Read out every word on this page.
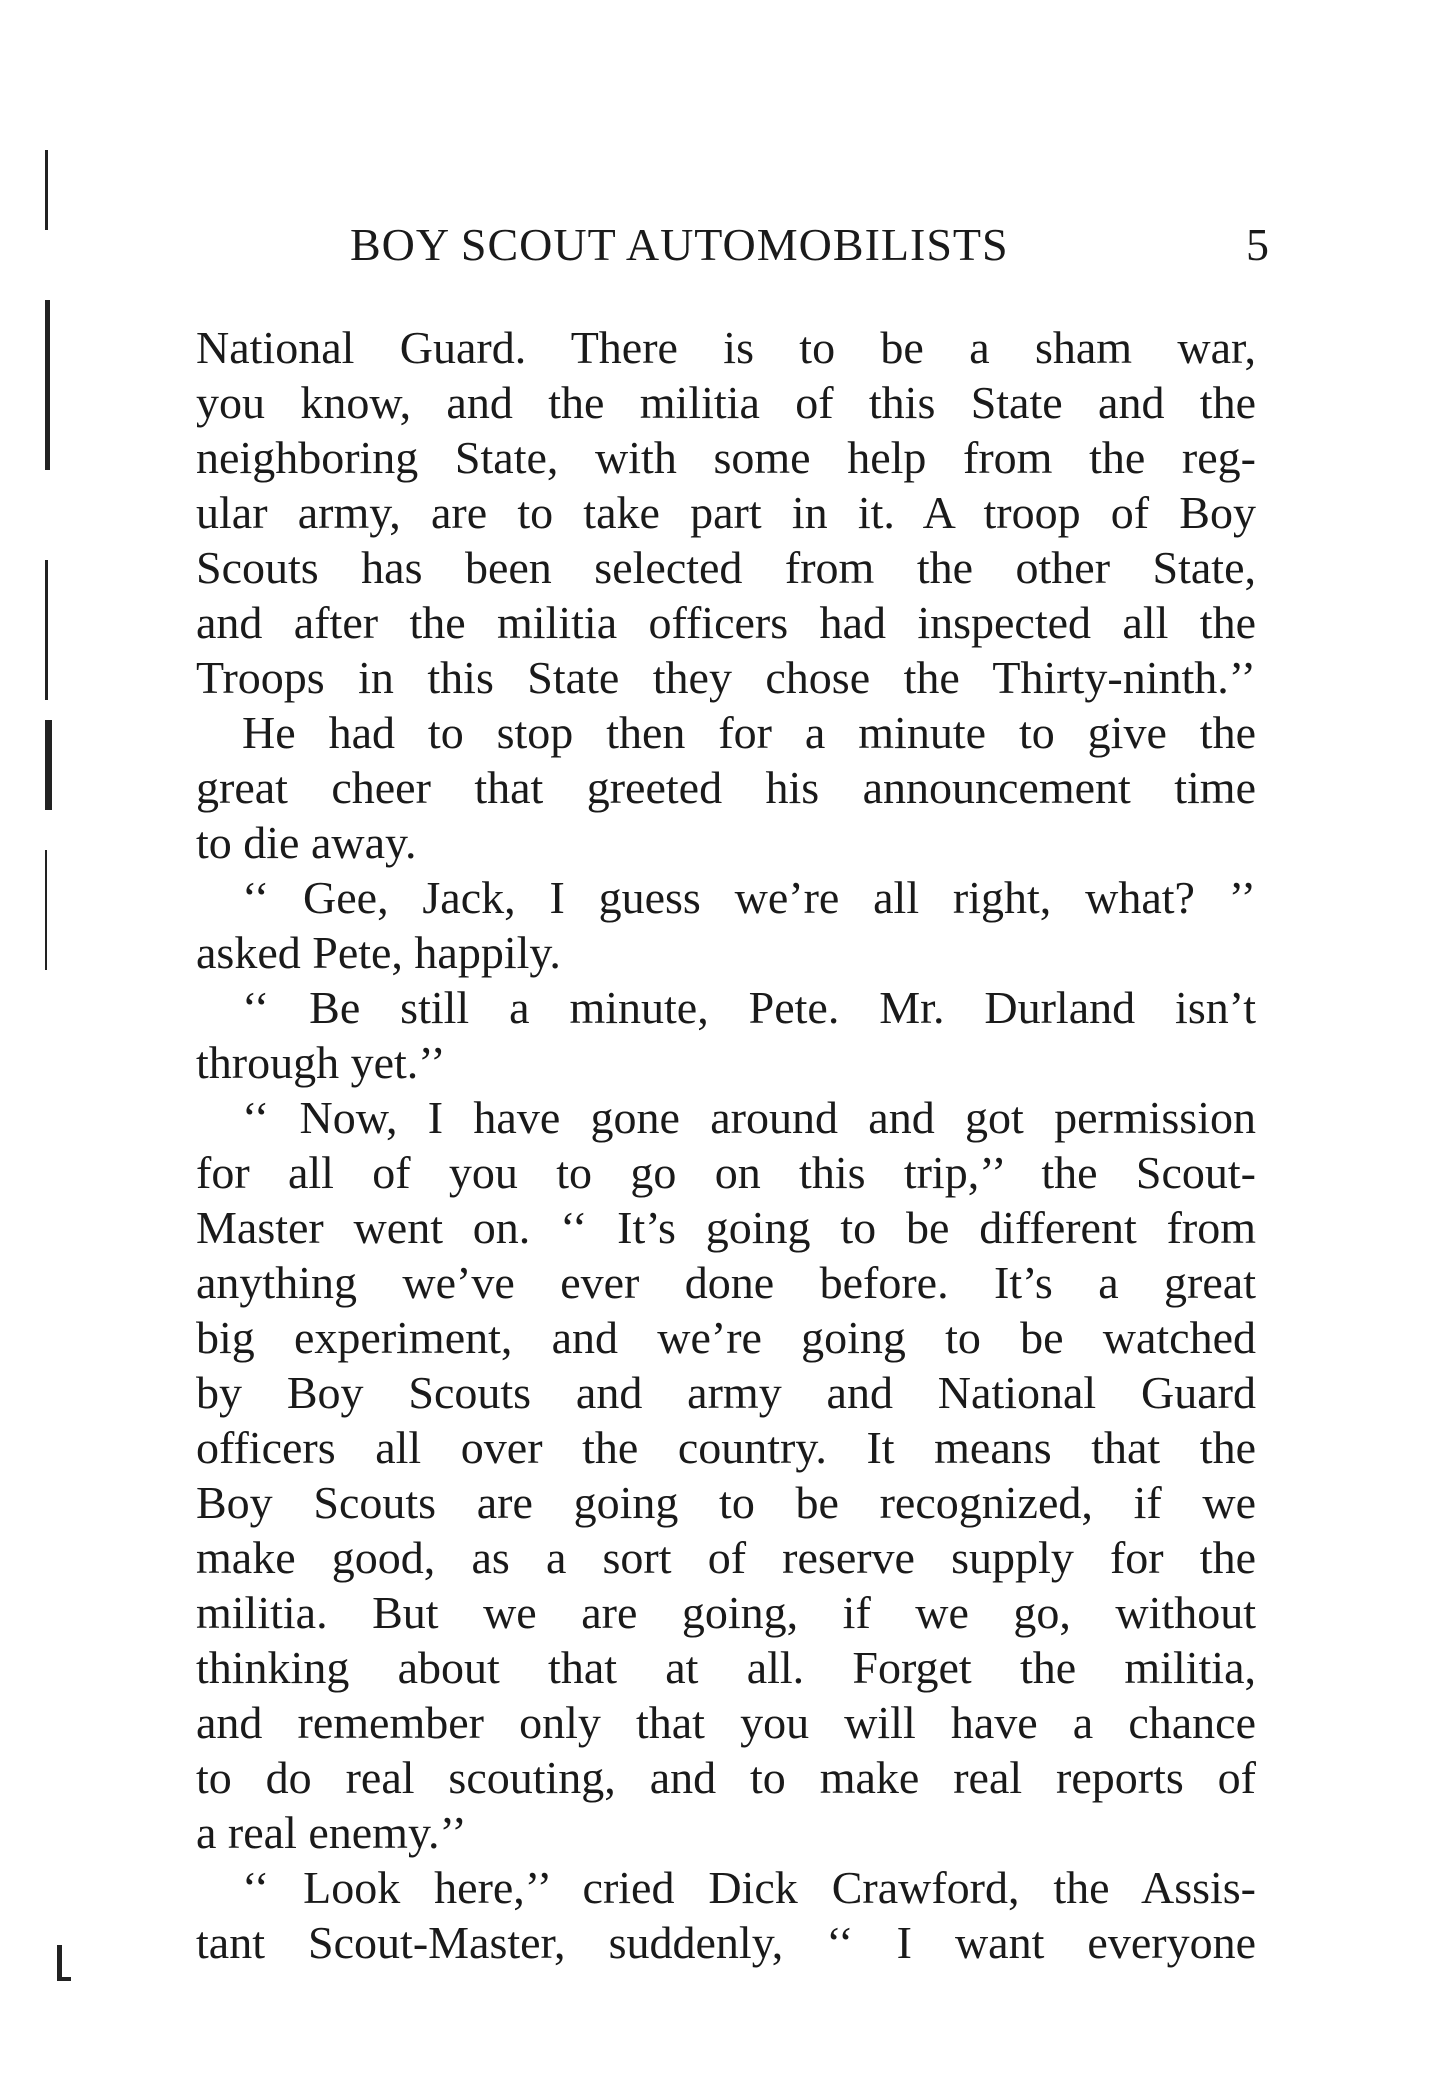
BOY SCOUT AUTOMOBILISTS	5
National Guard. There is to be a sham war,
you know, and the militia of this State and the
neighboring State, with some help from the reg-
ular army, are to take part in it. A troop of Boy
Scouts has been selected from the other State,
and after the militia officers had inspected all the
Troops in this State they chose the Thirty-ninth.’’
He had to stop then for a minute to give the
great cheer that greeted his announcement time
to die away.
‘‘ Gee, Jack, I guess we’re all right, what? ’’
asked Pete, happily.
‘‘ Be still a minute, Pete. Mr. Durland isn’t
through yet.’’
‘‘ Now, I have gone around and got permission
for all of you to go on this trip,’’ the Scout-
Master went on. ‘‘ It’s going to be different from
anything we’ve ever done before. It’s a great
big experiment, and we’re going to be watched
by Boy Scouts and army and National Guard
officers all over the country. It means that the
Boy Scouts are going to be recognized, if we
make good, as a sort of reserve supply for the
militia. But we are going, if we go, without
thinking about that at all. Forget the militia,
and remember only that you will have a chance
to do real scouting, and to make real reports of
a real enemy.’’
‘‘ Look here,’’ cried Dick Crawford, the Assis-
tant Scout-Master, suddenly, ‘‘ I want everyone
